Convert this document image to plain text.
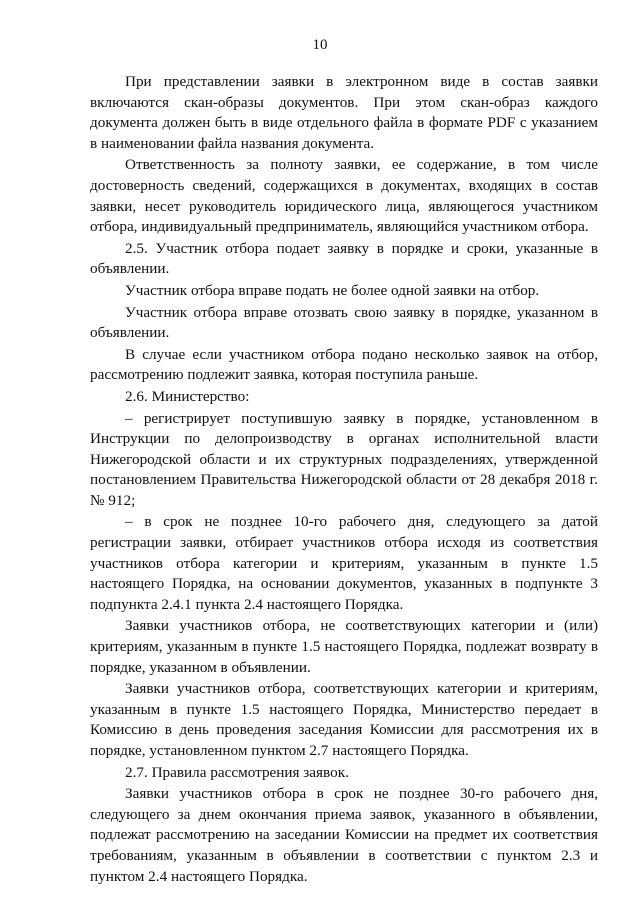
10

При представлении заявки в электронном виде в состав заявки включаются скан-образы документов. При этом скан-образ каждого документа должен быть в виде отдельного файла в формате PDF с указанием в наименовании файла названия документа.

Ответственность за полноту заявки, ее содержание, в том числе достоверность сведений, содержащихся в документах, входящих в состав заявки, несет руководитель юридического лица, являющегося участником отбора, индивидуальный предприниматель, являющийся участником отбора.

2.5. Участник отбора подает заявку в порядке и сроки, указанные в объявлении.

Участник отбора вправе подать не более одной заявки на отбор.

Участник отбора вправе отозвать свою заявку в порядке, указанном в объявлении.

В случае если участником отбора подано несколько заявок на отбор, рассмотрению подлежит заявка, которая поступила раньше.

2.6. Министерство:

– регистрирует поступившую заявку в порядке, установленном в Инструкции по делопроизводству в органах исполнительной власти Нижегородской области и их структурных подразделениях, утвержденной постановлением Правительства Нижегородской области от 28 декабря 2018 г. № 912;

– в срок не позднее 10-го рабочего дня, следующего за датой регистрации заявки, отбирает участников отбора исходя из соответствия участников отбора категории и критериям, указанным в пункте 1.5 настоящего Порядка, на основании документов, указанных в подпункте 3 подпункта 2.4.1 пункта 2.4 настоящего Порядка.

Заявки участников отбора, не соответствующих категории и (или) критериям, указанным в пункте 1.5 настоящего Порядка, подлежат возврату в порядке, указанном в объявлении.

Заявки участников отбора, соответствующих категории и критериям, указанным в пункте 1.5 настоящего Порядка, Министерство передает в Комиссию в день проведения заседания Комиссии для рассмотрения их в порядке, установленном пунктом 2.7 настоящего Порядка.

2.7. Правила рассмотрения заявок.

Заявки участников отбора в срок не позднее 30-го рабочего дня, следующего за днем окончания приема заявок, указанного в объявлении, подлежат рассмотрению на заседании Комиссии на предмет их соответствия требованиям, указанным в объявлении в соответствии с пунктом 2.3 и пунктом 2.4 настоящего Порядка.
